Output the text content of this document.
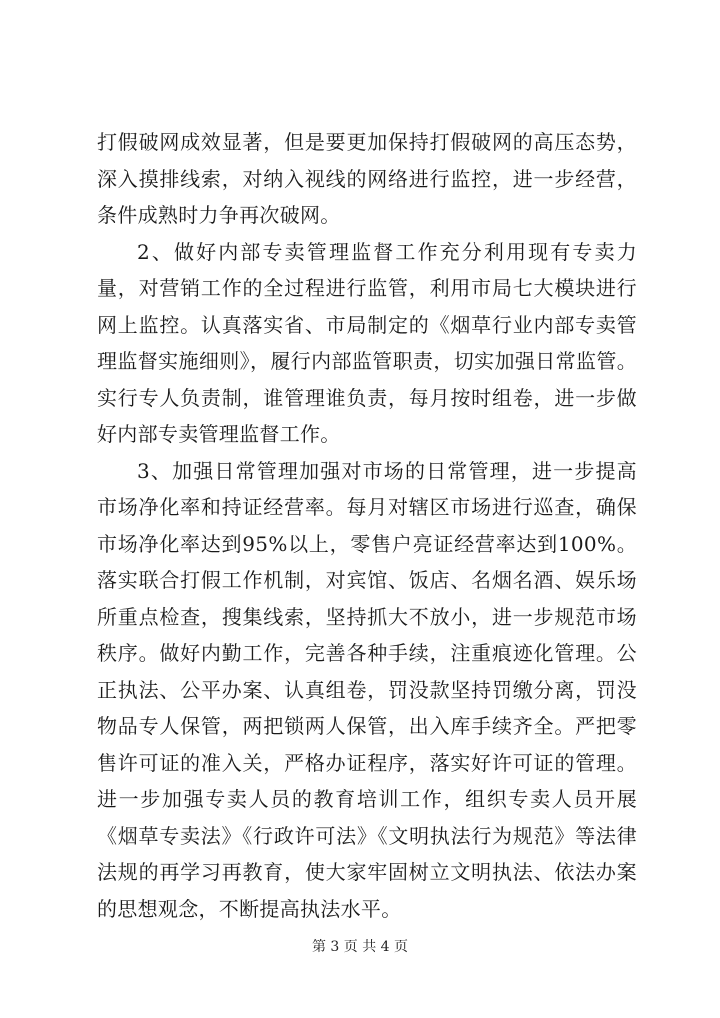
打假破网成效显著，但是要更加保持打假破网的高压态势，深入摸排线索，对纳入视线的网络进行监控，进一步经营，条件成熟时力争再次破网。

2、做好内部专卖管理监督工作充分利用现有专卖力量，对营销工作的全过程进行监管，利用市局七大模块进行网上监控。认真落实省、市局制定的《烟草行业内部专卖管理监督实施细则》，履行内部监管职责，切实加强日常监管。实行专人负责制，谁管理谁负责，每月按时组卷，进一步做好内部专卖管理监督工作。

3、加强日常管理加强对市场的日常管理，进一步提高市场净化率和持证经营率。每月对辖区市场进行巡查，确保市场净化率达到95%以上，零售户亮证经营率达到100%。落实联合打假工作机制，对宾馆、饭店、名烟名酒、娱乐场所重点检查，搜集线索，坚持抓大不放小，进一步规范市场秩序。做好内勤工作，完善各种手续，注重痕迹化管理。公正执法、公平办案、认真组卷，罚没款坚持罚缴分离，罚没物品专人保管，两把锁两人保管，出入库手续齐全。严把零售许可证的准入关，严格办证程序，落实好许可证的管理。进一步加强专卖人员的教育培训工作，组织专卖人员开展《烟草专卖法》《行政许可法》《文明执法行为规范》等法律法规的再学习再教育，使大家牢固树立文明执法、依法办案的思想观念，不断提高执法水平。

第 3 页 共 4 页
